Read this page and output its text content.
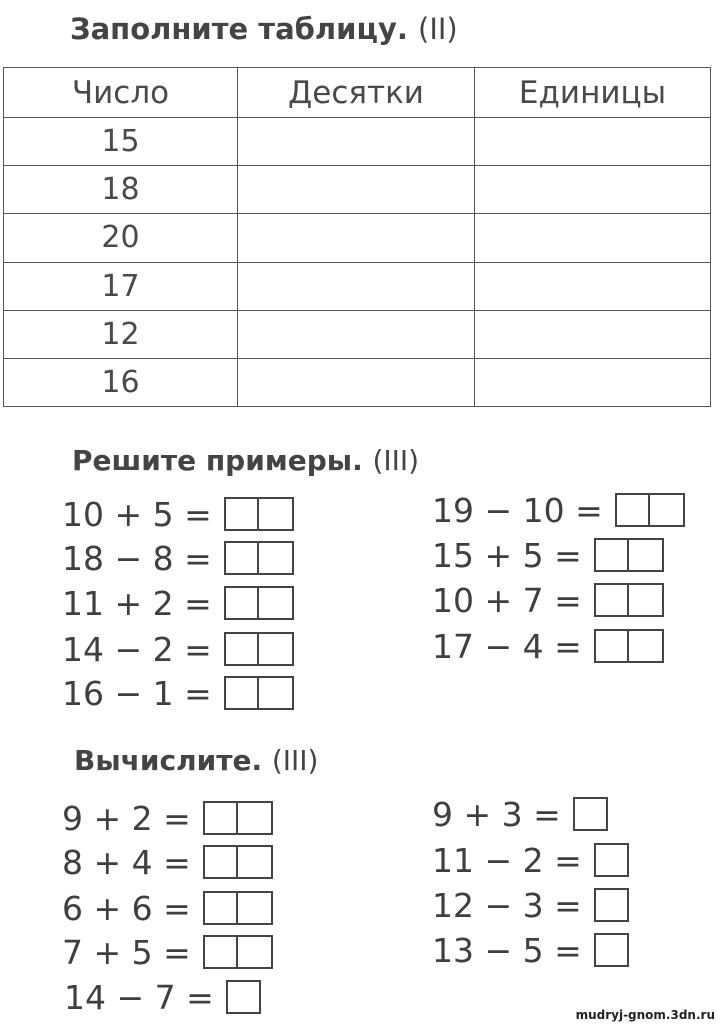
Заполните таблицу. (II)
Число	Десятки	Единицы
15		
18		
20		
17		
12		
16		
Решите примеры. (III)
10 + 5 =
18 − 8 =
11 + 2 =
14 − 2 =
16 − 1 =
19 − 10 =
15 + 5 =
10 + 7 =
17 − 4 =
Вычислите. (III)
9 + 2 =
8 + 4 =
6 + 6 =
7 + 5 =
14 − 7 =
9 + 3 =
11 − 2 =
12 − 3 =
13 − 5 =
mudryj-gnom.3dn.ru
